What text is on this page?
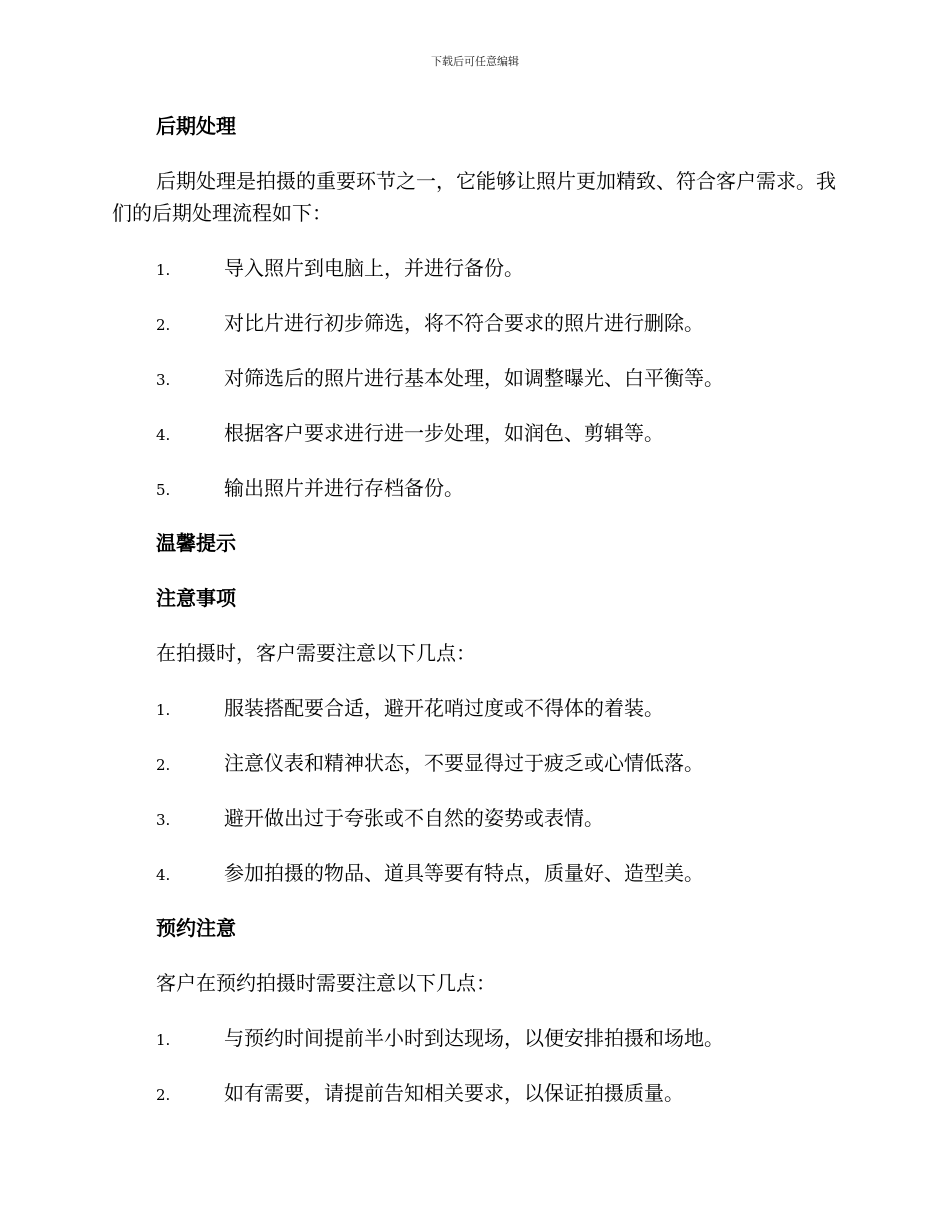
下载后可任意编辑
后期处理
后期处理是拍摄的重要环节之一，它能够让照片更加精致、符合客户需求。我们的后期处理流程如下：
1.	导入照片到电脑上，并进行备份。
2.	对比片进行初步筛选，将不符合要求的照片进行删除。
3.	对筛选后的照片进行基本处理，如调整曝光、白平衡等。
4.	根据客户要求进行进一步处理，如润色、剪辑等。
5.	输出照片并进行存档备份。
温馨提示
注意事项
在拍摄时，客户需要注意以下几点：
1.	服装搭配要合适，避开花哨过度或不得体的着装。
2.	注意仪表和精神状态，不要显得过于疲乏或心情低落。
3.	避开做出过于夸张或不自然的姿势或表情。
4.	参加拍摄的物品、道具等要有特点，质量好、造型美。
预约注意
客户在预约拍摄时需要注意以下几点：
1.	与预约时间提前半小时到达现场，以便安排拍摄和场地。
2.	如有需要，请提前告知相关要求，以保证拍摄质量。
